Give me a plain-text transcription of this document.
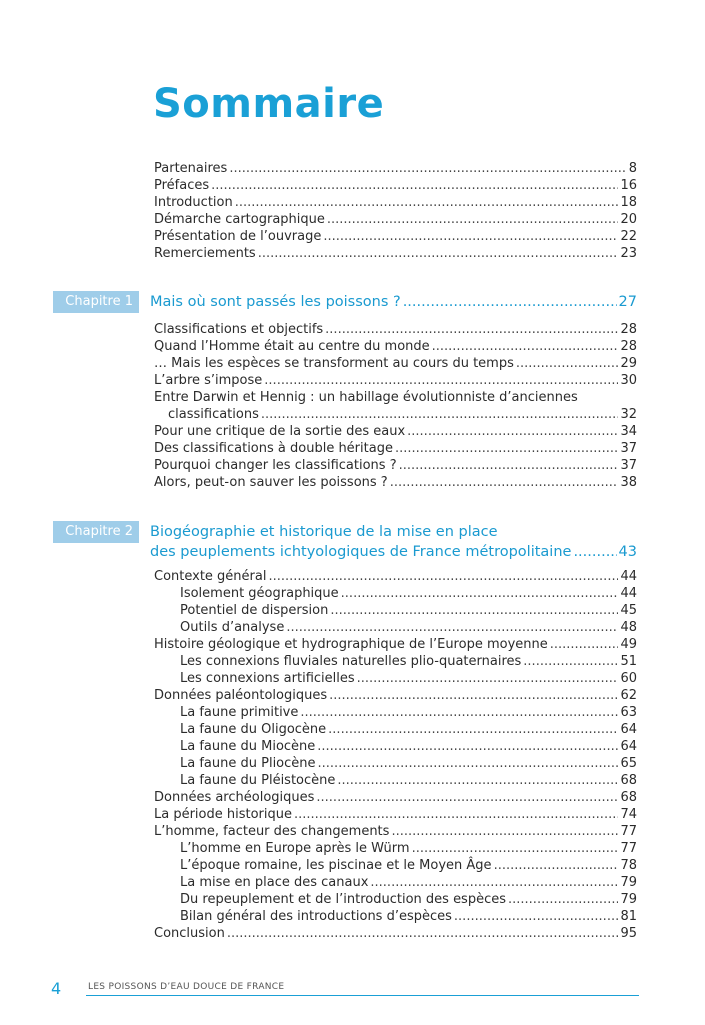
Sommaire
Partenaires .....	8
Préfaces .....	16
Introduction .....	18
Démarche cartographique .....	20
Présentation de l’ouvrage .....	22
Remerciements .....	23
Chapitre 1	Mais où sont passés les poissons ? .....	27
Classifications et objectifs .....	28
Quand l’Homme était au centre du monde .....	28
… Mais les espèces se transforment au cours du temps .....	29
L’arbre s’impose .....	30
Entre Darwin et Hennig : un habillage évolutionniste d’anciennes
classifications .....	32
Pour une critique de la sortie des eaux .....	34
Des classifications à double héritage .....	37
Pourquoi changer les classifications ? .....	37
Alors, peut-on sauver les poissons ? .....	38
Chapitre 2	Biogéographie et historique de la mise en place
des peuplements ichtyologiques de France métropolitaine .....	43
Contexte général .....	44
Isolement géographique .....	44
Potentiel de dispersion .....	45
Outils d’analyse .....	48
Histoire géologique et hydrographique de l’Europe moyenne .....	49
Les connexions fluviales naturelles plio-quaternaires .....	51
Les connexions artificielles .....	60
Données paléontologiques .....	62
La faune primitive .....	63
La faune du Oligocène .....	64
La faune du Miocène .....	64
La faune du Pliocène .....	65
La faune du Pléistocène .....	68
Données archéologiques .....	68
La période historique .....	74
L’homme, facteur des changements .....	77
L’homme en Europe après le Würm .....	77
L’époque romaine, les piscinae et le Moyen Âge .....	78
La mise en place des canaux .....	79
Du repeuplement et de l’introduction des espèces .....	79
Bilan général des introductions d’espèces .....	81
Conclusion .....	95
4	LES POISSONS D’EAU DOUCE DE FRANCE
